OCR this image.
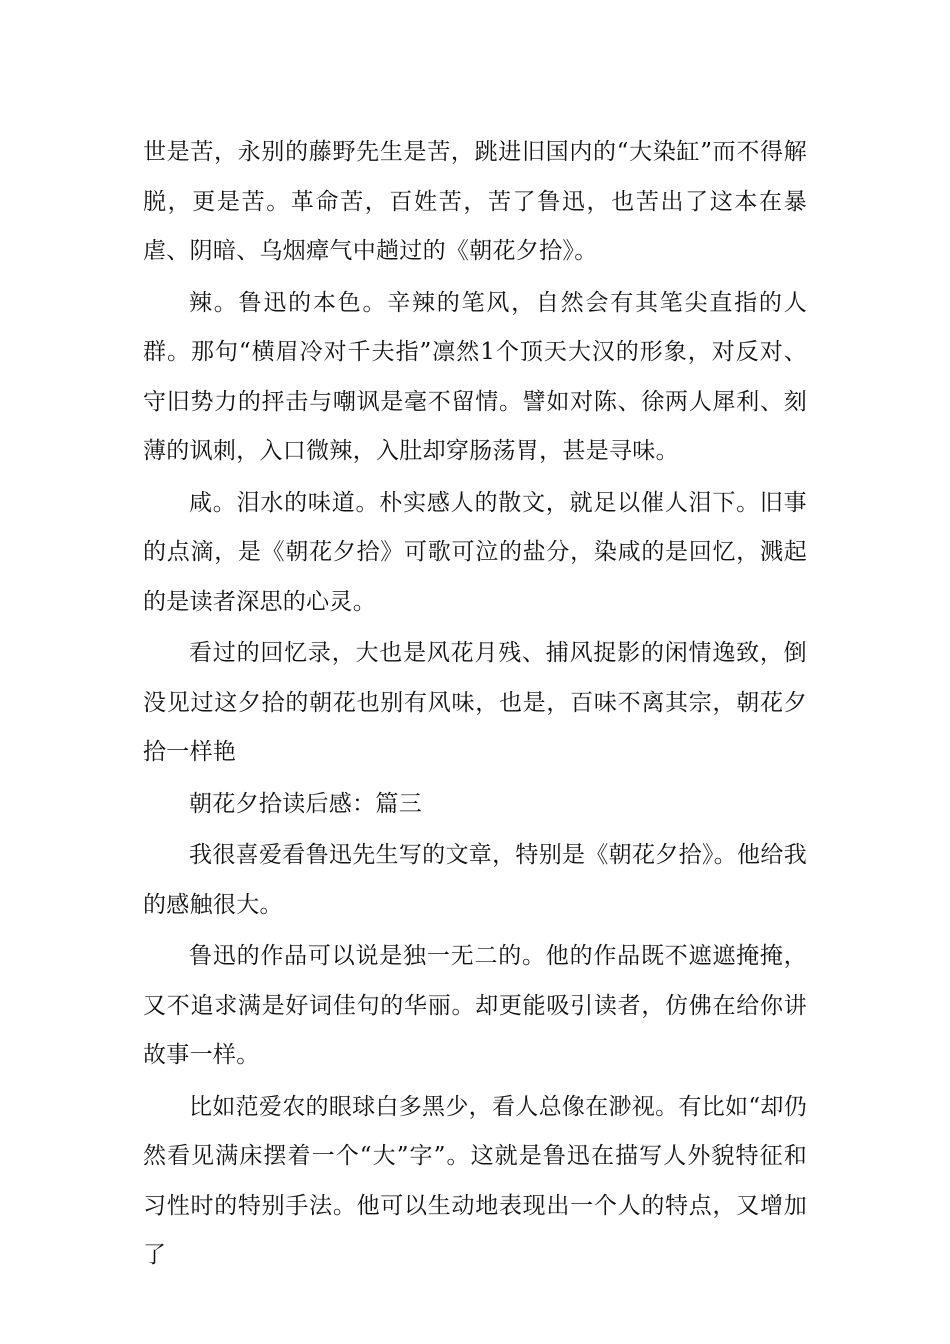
世是苦，永别的藤野先生是苦，跳进旧国内的“大染缸”而不得解脱，更是苦。革命苦，百姓苦，苦了鲁迅，也苦出了这本在暴虐、阴暗、乌烟瘴气中趟过的《朝花夕拾》。

辣。鲁迅的本色。辛辣的笔风，自然会有其笔尖直指的人群。那句“横眉冷对千夫指”凛然1个顶天大汉的形象，对反对、守旧势力的抨击与嘲讽是毫不留情。譬如对陈、徐两人犀利、刻薄的讽刺，入口微辣，入肚却穿肠荡胃，甚是寻味。

咸。泪水的味道。朴实感人的散文，就足以催人泪下。旧事的点滴，是《朝花夕拾》可歌可泣的盐分，染咸的是回忆，溅起的是读者深思的心灵。

看过的回忆录，大也是风花月残、捕风捉影的闲情逸致，倒没见过这夕拾的朝花也别有风味，也是，百味不离其宗，朝花夕拾一样艳

朝花夕拾读后感：篇三

我很喜爱看鲁迅先生写的文章，特别是《朝花夕拾》。他给我的感触很大。

鲁迅的作品可以说是独一无二的。他的作品既不遮遮掩掩，又不追求满是好词佳句的华丽。却更能吸引读者，仿佛在给你讲故事一样。

比如范爱农的眼球白多黑少，看人总像在渺视。有比如“却仍然看见满床摆着一个“大”字”。这就是鲁迅在描写人外貌特征和习性时的特别手法。他可以生动地表现出一个人的特点，又增加了
